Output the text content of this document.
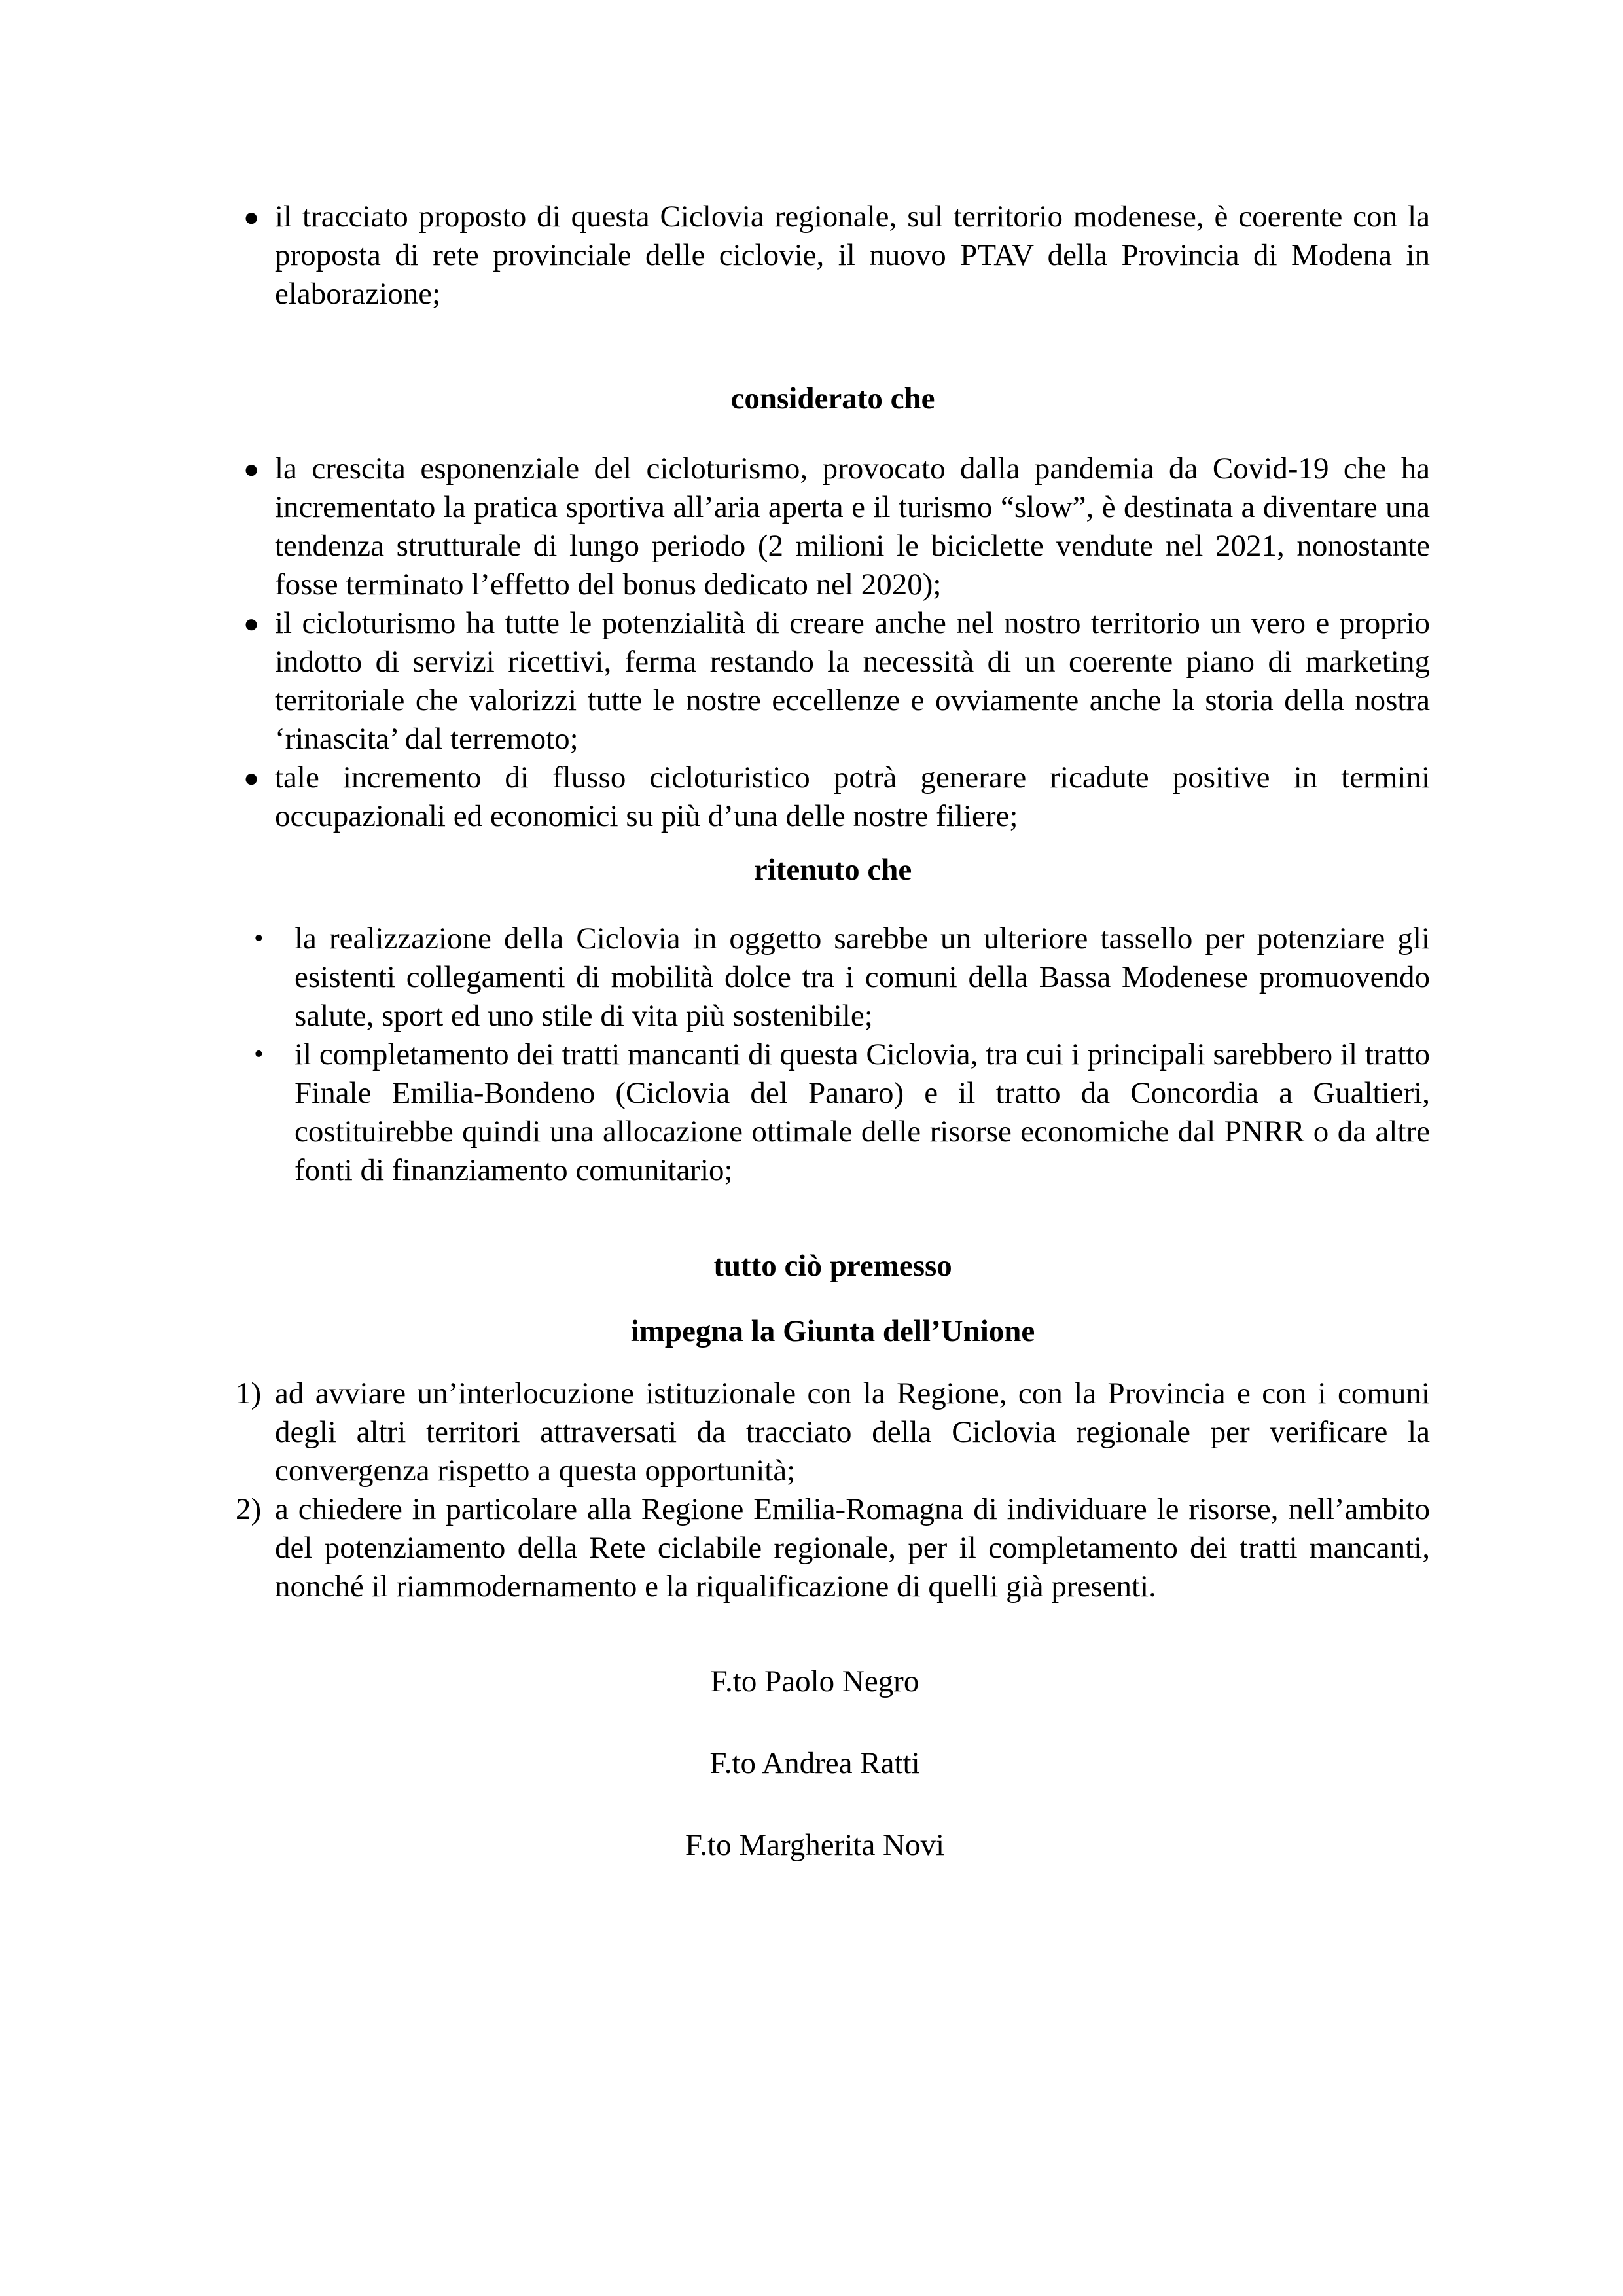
● il tracciato proposto di questa Ciclovia regionale, sul territorio modenese, è coerente con la proposta di rete provinciale delle ciclovie, il nuovo PTAV della Provincia di Modena in elaborazione;
considerato che
● la crescita esponenziale del cicloturismo, provocato dalla pandemia da Covid-19 che ha incrementato la pratica sportiva all’aria aperta e il turismo “slow”, è destinata a diventare una tendenza strutturale di lungo periodo (2 milioni le biciclette vendute nel 2021, nonostante fosse terminato l’effetto del bonus dedicato nel 2020);
● il cicloturismo ha tutte le potenzialità di creare anche nel nostro territorio un vero e proprio indotto di servizi ricettivi, ferma restando la necessità di un coerente piano di marketing territoriale che valorizzi tutte le nostre eccellenze e ovviamente anche la storia della nostra ‘rinascita’ dal terremoto;
● tale incremento di flusso cicloturistico potrà generare ricadute positive in termini occupazionali ed economici su più d’una delle nostre filiere;
ritenuto che
• la realizzazione della Ciclovia in oggetto sarebbe un ulteriore tassello per potenziare gli esistenti collegamenti di mobilità dolce tra i comuni della Bassa Modenese promuovendo salute, sport ed uno stile di vita più sostenibile;
• il completamento dei tratti mancanti di questa Ciclovia, tra cui i principali sarebbero il tratto Finale Emilia-Bondeno (Ciclovia del Panaro) e il tratto da Concordia a Gualtieri, costituirebbe quindi una allocazione ottimale delle risorse economiche dal PNRR o da altre fonti di finanziamento comunitario;
tutto ciò premesso
impegna la Giunta dell’Unione
1) ad avviare un’interlocuzione istituzionale con la Regione, con la Provincia e con i comuni degli altri territori attraversati da tracciato della Ciclovia regionale per verificare la convergenza rispetto a questa opportunità;
2) a chiedere in particolare alla Regione Emilia-Romagna di individuare le risorse, nell’ambito del potenziamento della Rete ciclabile regionale, per il completamento dei tratti mancanti, nonché il riammodernamento e la riqualificazione di quelli già presenti.
F.to Paolo Negro
F.to Andrea Ratti
F.to Margherita Novi
